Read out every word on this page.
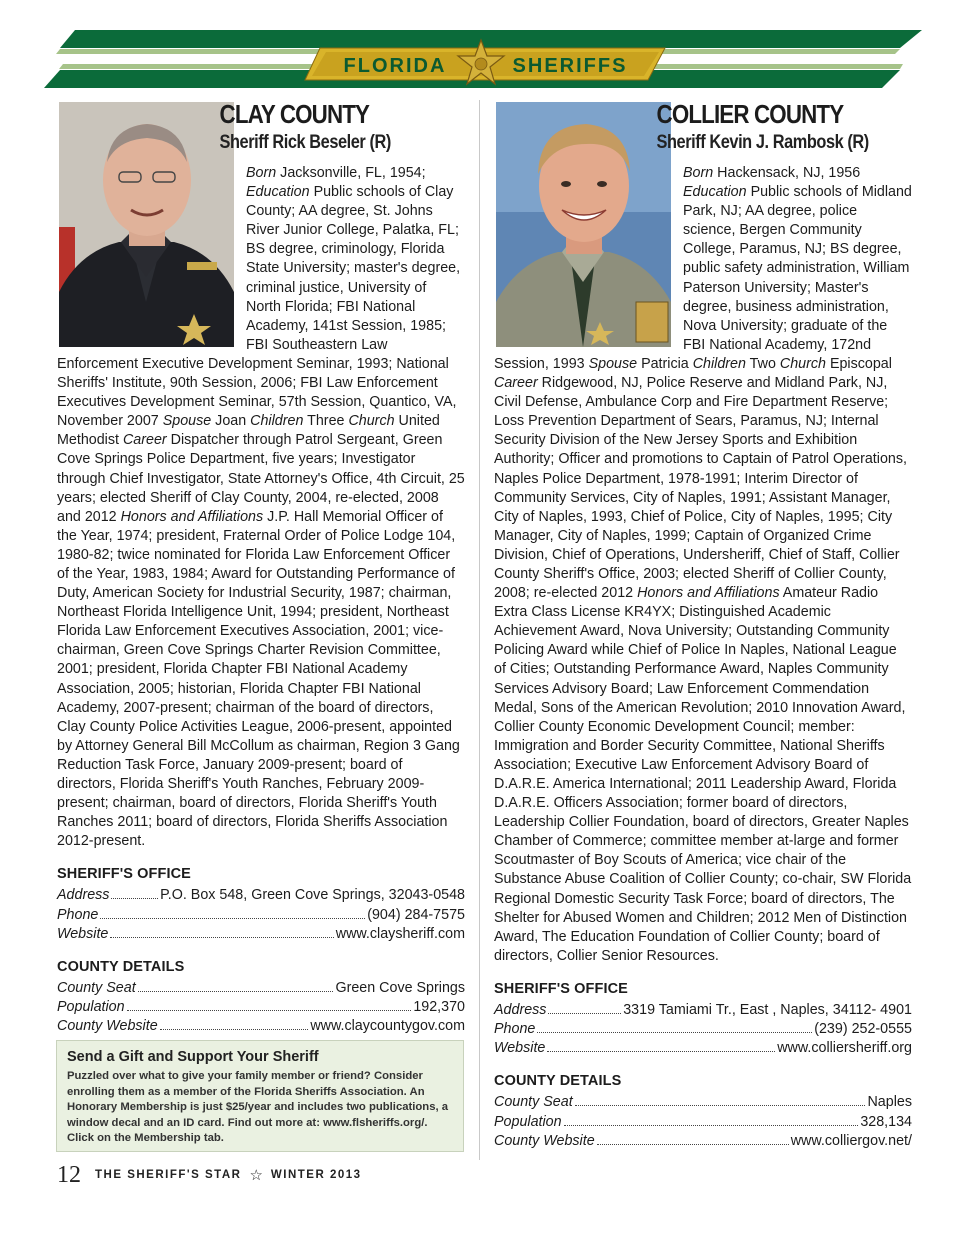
FLORIDA	SHERIFFS
CLAY COUNTY
Sheriff Rick Beseler (R)
Born Jacksonville, FL, 1954; Education Public schools of Clay County; AA degree, St. Johns River Junior College, Palatka, FL; BS degree, criminology, Florida State University; master's degree, criminal justice, University of North Florida; FBI National Academy, 141st Session, 1985; FBI Southeastern Law Enforcement Executive Development Seminar, 1993; National Sheriffs' Institute, 90th Session, 2006; FBI Law Enforcement Executives Development Seminar, 57th Session, Quantico, VA, November 2007 Spouse Joan Children Three Church United Methodist Career Dispatcher through Patrol Sergeant, Green Cove Springs Police Department, five years; Investigator through Chief Investigator, State Attorney's Office, 4th Circuit, 25 years; elected Sheriff of Clay County, 2004, re-elected, 2008 and 2012 Honors and Affiliations J.P. Hall Memorial Officer of the Year, 1974; president, Fraternal Order of Police Lodge 104, 1980-82; twice nominated for Florida Law Enforcement Officer of the Year, 1983, 1984; Award for Outstanding Performance of Duty, American Society for Industrial Security, 1987; chairman, Northeast Florida Intelligence Unit, 1994; president, Northeast Florida Law Enforcement Executives Association, 2001; vice-chairman, Green Cove Springs Charter Revision Committee, 2001; president, Florida Chapter FBI National Academy Association, 2005; historian, Florida Chapter FBI National Academy, 2007-present; chairman of the board of directors, Clay County Police Activities League, 2006-present, appointed by Attorney General Bill McCollum as chairman, Region 3 Gang Reduction Task Force, January 2009-present; board of directors, Florida Sheriff's Youth Ranches, February 2009-present; chairman, board of directors, Florida Sheriff's Youth Ranches 2011; board of directors, Florida Sheriffs Association 2012-present.
SHERIFF'S OFFICE
Address	P.O. Box 548, Green Cove Springs, 32043-0548
Phone	(904) 284-7575
Website	www.claysheriff.com
COUNTY DETAILS
County Seat	Green Cove Springs
Population	192,370
County Website	www.claycountygov.com
Send a Gift and Support Your Sheriff
Puzzled over what to give your family member or friend? Consider enrolling them as a member of the Florida Sheriffs Association. An Honorary Membership is just $25/year and includes two publications, a window decal and an ID card. Find out more at: www.flsheriffs.org/. Click on the Membership tab.
COLLIER COUNTY
Sheriff Kevin J. Rambosk (R)
Born Hackensack, NJ, 1956 Education Public schools of Midland Park, NJ; AA degree, police science, Bergen Community College, Paramus, NJ; BS degree, public safety administration, William Paterson University; Master's degree, business administration, Nova University; graduate of the FBI National Academy, 172nd Session, 1993 Spouse Patricia Children Two Church Episcopal Career Ridgewood, NJ, Police Reserve and Midland Park, NJ, Civil Defense, Ambulance Corp and Fire Department Reserve; Loss Prevention Department of Sears, Paramus, NJ; Internal Security Division of the New Jersey Sports and Exhibition Authority; Officer and promotions to Captain of Patrol Operations, Naples Police Department, 1978-1991; Interim Director of Community Services, City of Naples, 1991; Assistant Manager, City of Naples, 1993, Chief of Police, City of Naples, 1995; City Manager, City of Naples, 1999; Captain of Organized Crime Division, Chief of Operations, Undersheriff, Chief of Staff, Collier County Sheriff's Office, 2003; elected Sheriff of Collier County, 2008; re-elected 2012 Honors and Affiliations Amateur Radio Extra Class License KR4YX; Distinguished Academic Achievement Award, Nova University; Outstanding Community Policing Award while Chief of Police In Naples, National League of Cities; Outstanding Performance Award, Naples Community Services Advisory Board; Law Enforcement Commendation Medal, Sons of the American Revolution; 2010 Innovation Award, Collier County Economic Development Council; member: Immigration and Border Security Committee, National Sheriffs Association; Executive Law Enforcement Advisory Board of D.A.R.E. America International; 2011 Leadership Award, Florida D.A.R.E. Officers Association; former board of directors, Leadership Collier Foundation, board of directors, Greater Naples Chamber of Commerce; committee member at-large and former Scoutmaster of Boy Scouts of America; vice chair of the Substance Abuse Coalition of Collier County; co-chair, SW Florida Regional Domestic Security Task Force; board of directors, The Shelter for Abused Women and Children; 2012 Men of Distinction Award, The Education Foundation of Collier County; board of directors, Collier Senior Resources.
SHERIFF'S OFFICE
Address	3319 Tamiami Tr., East , Naples, 34112- 4901
Phone	(239) 252-0555
Website	www.colliersheriff.org
COUNTY DETAILS
County Seat	Naples
Population	328,134
County Website	www.colliergov.net/
12 THE SHERIFF'S STAR ☆ WINTER 2013
